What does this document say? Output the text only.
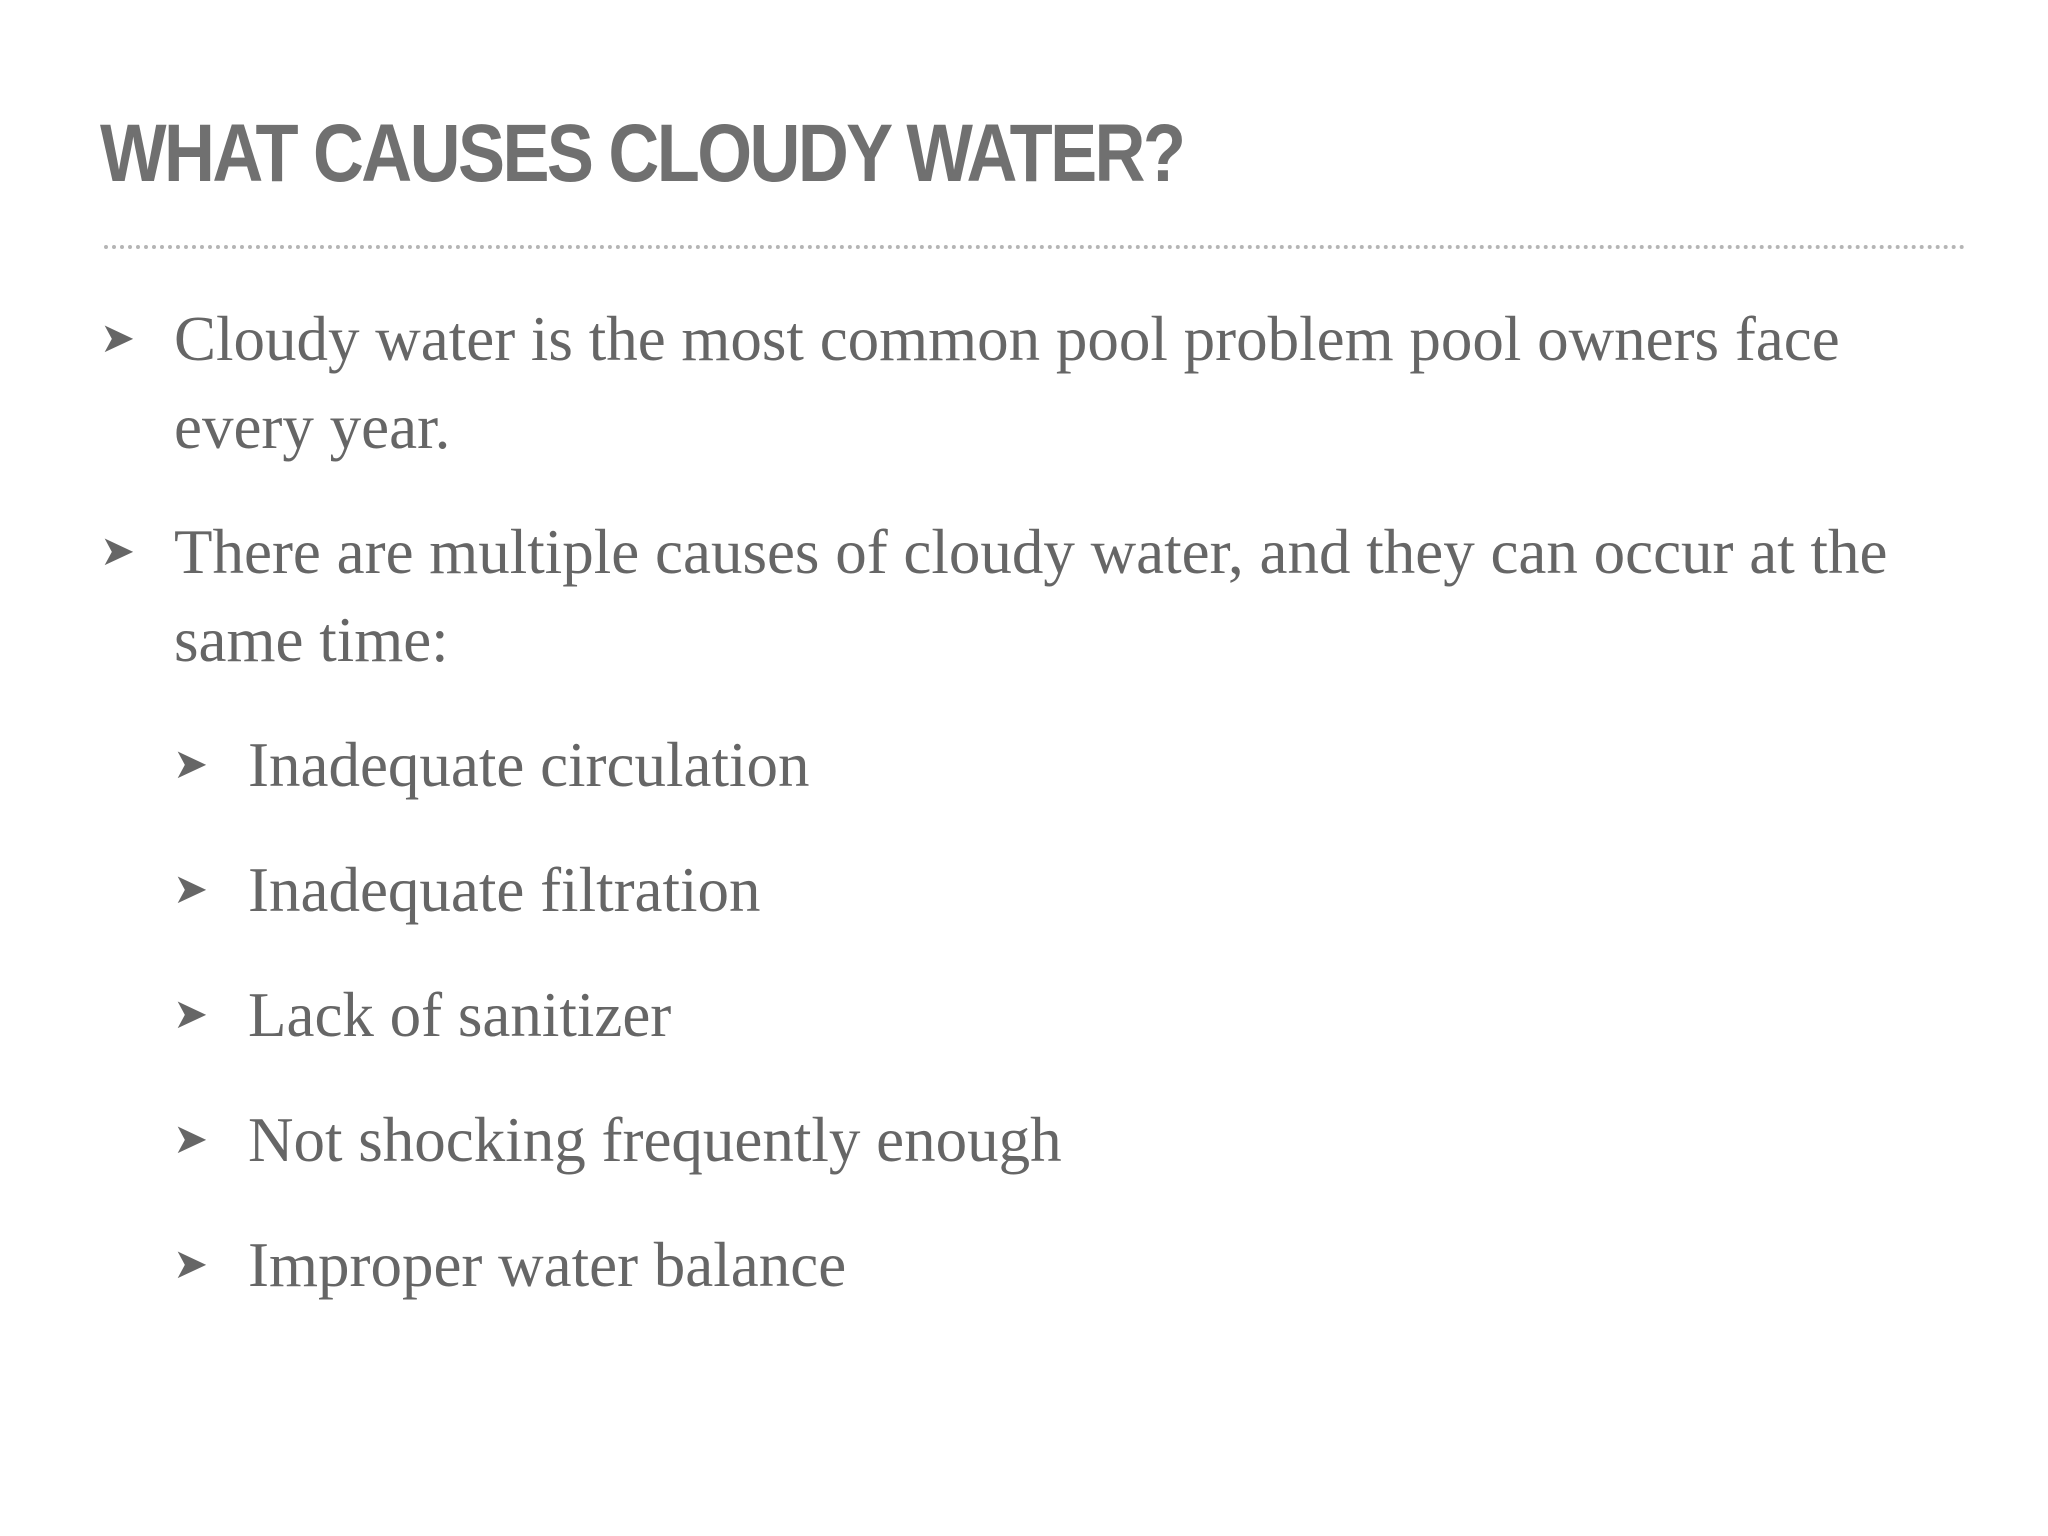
WHAT CAUSES CLOUDY WATER?

➤ Cloudy water is the most common pool problem pool owners face every year.

➤ There are multiple causes of cloudy water, and they can occur at the same time:

➤ Inadequate circulation

➤ Inadequate filtration

➤ Lack of sanitizer

➤ Not shocking frequently enough

➤ Improper water balance
